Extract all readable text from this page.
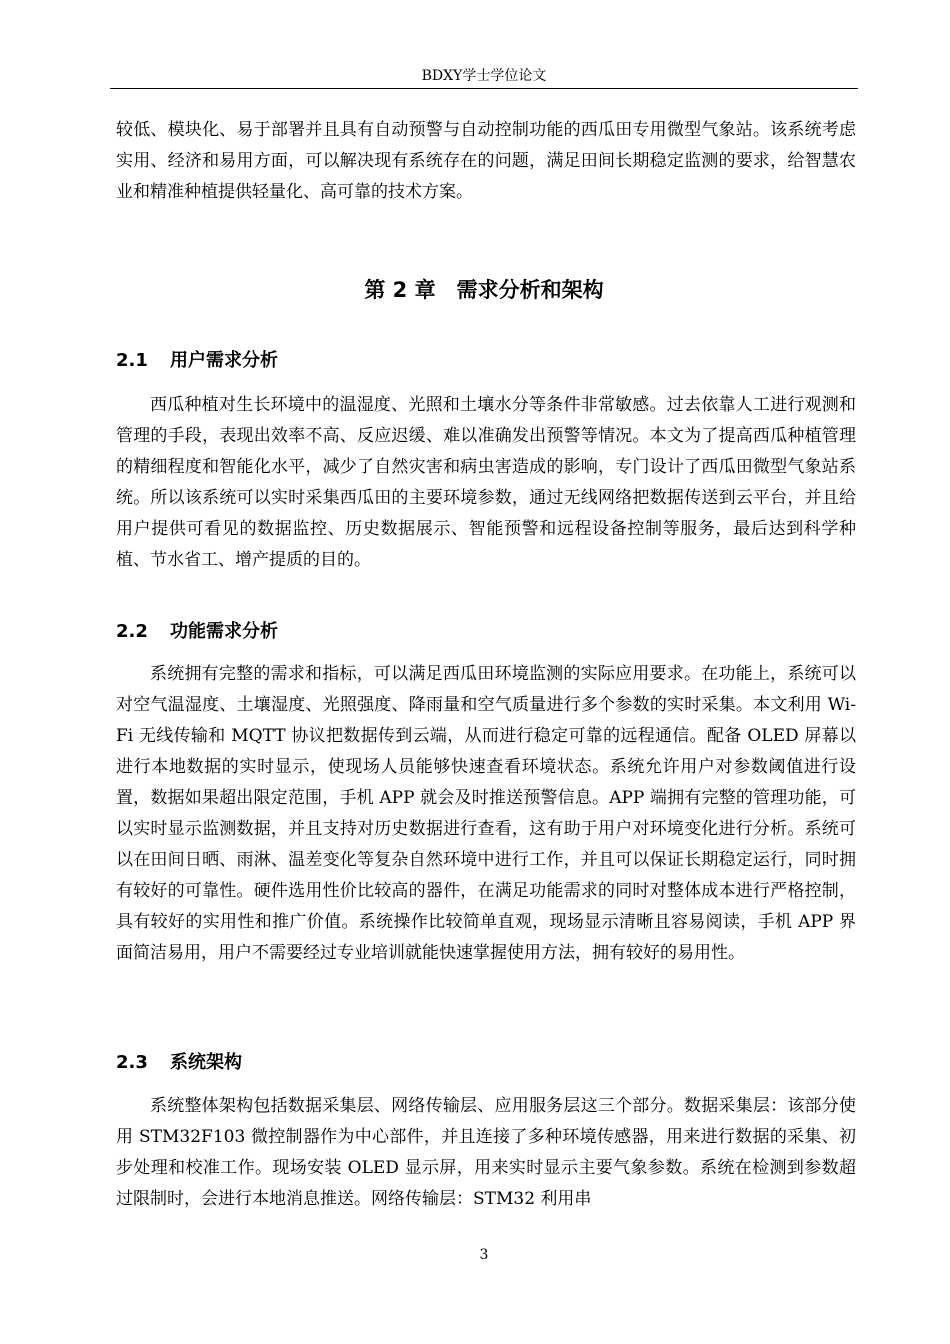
BDXY学士学位论文

较低、模块化、易于部署并且具有自动预警与自动控制功能的西瓜田专用微型气象站。该系统考虑实用、经济和易用方面，可以解决现有系统存在的问题，满足田间长期稳定监测的要求，给智慧农业和精准种植提供轻量化、高可靠的技术方案。

第 2 章　需求分析和架构
2.1 用户需求分析

西瓜种植对生长环境中的温湿度、光照和土壤水分等条件非常敏感。过去依靠人工进行观测和管理的手段，表现出效率不高、反应迟缓、难以准确发出预警等情况。本文为了提高西瓜种植管理的精细程度和智能化水平，减少了自然灾害和病虫害造成的影响，专门设计了西瓜田微型气象站系统。所以该系统可以实时采集西瓜田的主要环境参数，通过无线网络把数据传送到云平台，并且给用户提供可看见的数据监控、历史数据展示、智能预警和远程设备控制等服务，最后达到科学种植、节水省工、增产提质的目的。

2.2 功能需求分析

系统拥有完整的需求和指标，可以满足西瓜田环境监测的实际应用要求。在功能上，系统可以对空气温湿度、土壤湿度、光照强度、降雨量和空气质量进行多个参数的实时采集。本文利用 Wi-Fi 无线传输和 MQTT 协议把数据传到云端，从而进行稳定可靠的远程通信。配备 OLED 屏幕以进行本地数据的实时显示，使现场人员能够快速查看环境状态。系统允许用户对参数阈值进行设置，数据如果超出限定范围，手机 APP 就会及时推送预警信息。APP 端拥有完整的管理功能，可以实时显示监测数据，并且支持对历史数据进行查看，这有助于用户对环境变化进行分析。系统可以在田间日晒、雨淋、温差变化等复杂自然环境中进行工作，并且可以保证长期稳定运行，同时拥有较好的可靠性。硬件选用性价比较高的器件，在满足功能需求的同时对整体成本进行严格控制，具有较好的实用性和推广价值。系统操作比较简单直观，现场显示清晰且容易阅读，手机 APP 界面简洁易用，用户不需要经过专业培训就能快速掌握使用方法，拥有较好的易用性。

2.3 系统架构

系统整体架构包括数据采集层、网络传输层、应用服务层这三个部分。数据采集层：该部分使用 STM32F103 微控制器作为中心部件，并且连接了多种环境传感器，用来进行数据的采集、初步处理和校准工作。现场安装 OLED 显示屏，用来实时显示主要气象参数。系统在检测到参数超过限制时，会进行本地消息推送。网络传输层：STM32 利用串

3
